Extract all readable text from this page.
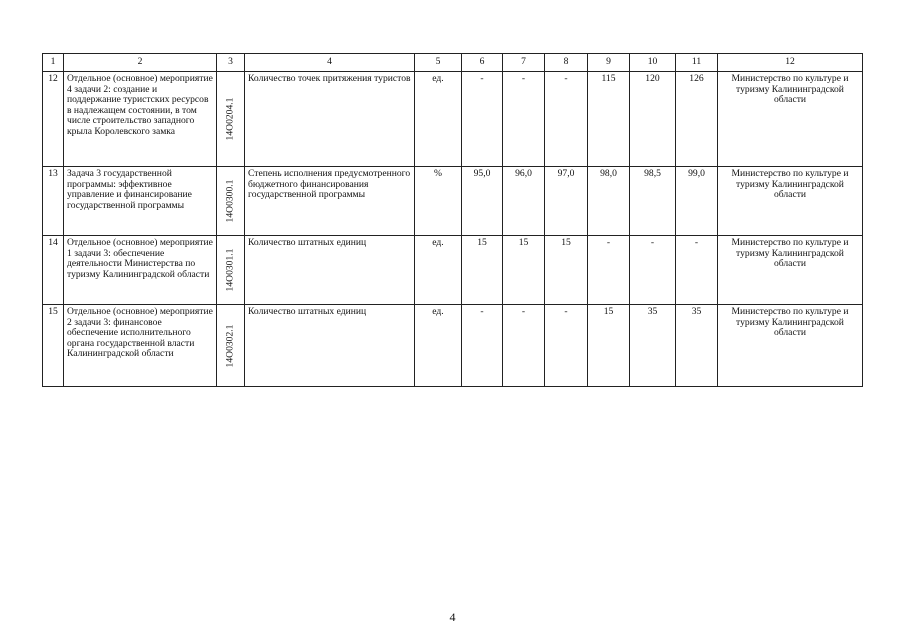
1	2	3	4	5	6	7	8	9	10	11	12
12	Отдельное (основное) мероприятие 4 задачи 2: создание и поддержание туристских ресурсов в надлежащем состоянии, в том числе строительство западного крыла Королевского замка	14О0204.1	Количество точек притяжения туристов	ед.	-	-	-	115	120	126	Министерство по культуре и туризму Калининградской области
13	Задача 3 государственной программы: эффективное управление и финансирование государственной программы	14О0300.1	Степень исполнения предусмотренного бюджетного финансирования государственной программы	%	95,0	96,0	97,0	98,0	98,5	99,0	Министерство по культуре и туризму Калининградской области
14	Отдельное (основное) мероприятие 1 задачи 3: обеспечение деятельности Министерства по туризму Калининградской области	14О0301.1	Количество штатных единиц	ед.	15	15	15	-	-	-	Министерство по культуре и туризму Калининградской области
15	Отдельное (основное) мероприятие 2 задачи 3: финансовое обеспечение исполнительного органа государственной власти Калининградской области	14О0302.1	Количество штатных единиц	ед.	-	-	-	15	35	35	Министерство по культуре и туризму Калининградской области
4
